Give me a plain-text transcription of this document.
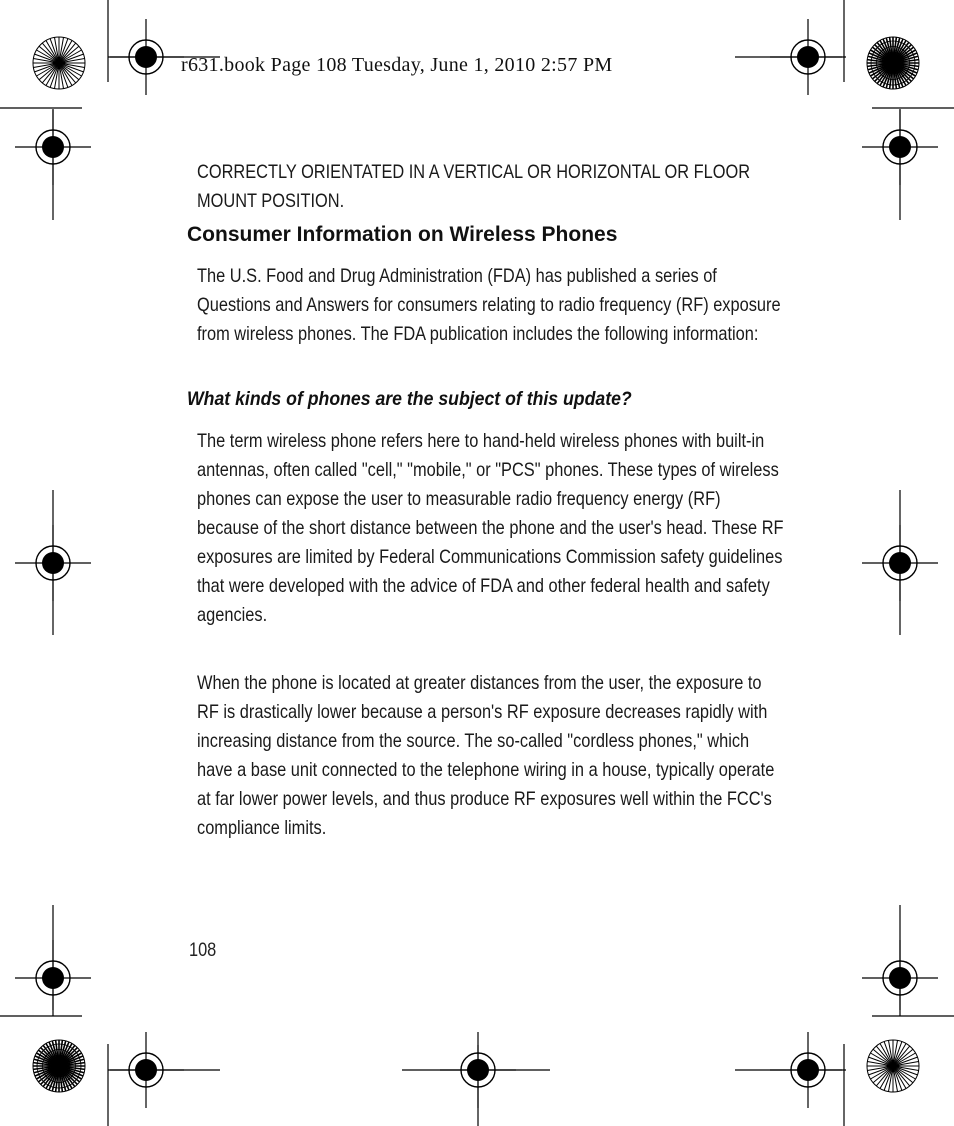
r631.book Page 108 Tuesday, June 1, 2010 2:57 PM
CORRECTLY ORIENTATED IN A VERTICAL OR HORIZONTAL OR FLOOR MOUNT POSITION.
Consumer Information on Wireless Phones
The U.S. Food and Drug Administration (FDA) has published a series of Questions and Answers for consumers relating to radio frequency (RF) exposure from wireless phones. The FDA publication includes the following information:
What kinds of phones are the subject of this update?
The term wireless phone refers here to hand-held wireless phones with built-in antennas, often called "cell," "mobile," or "PCS" phones. These types of wireless phones can expose the user to measurable radio frequency energy (RF) because of the short distance between the phone and the user's head. These RF exposures are limited by Federal Communications Commission safety guidelines that were developed with the advice of FDA and other federal health and safety agencies.
When the phone is located at greater distances from the user, the exposure to RF is drastically lower because a person's RF exposure decreases rapidly with increasing distance from the source. The so-called "cordless phones," which have a base unit connected to the telephone wiring in a house, typically operate at far lower power levels, and thus produce RF exposures well within the FCC's compliance limits.
108
